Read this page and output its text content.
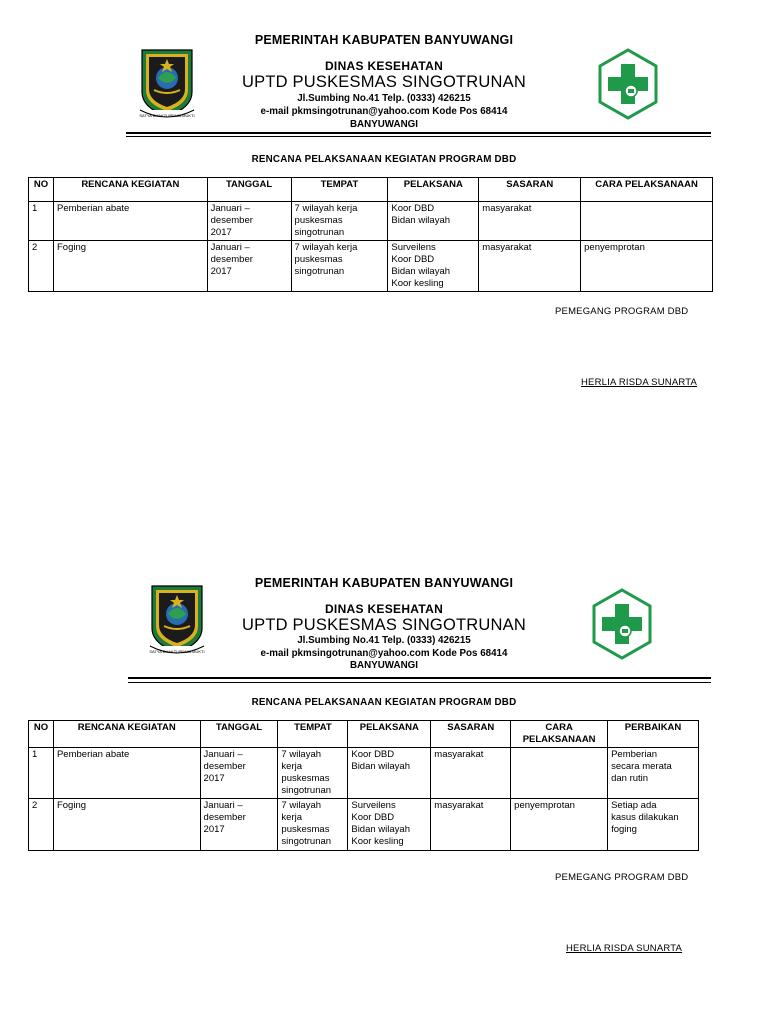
SATYA BHAKTI PRAJA MUKTI
PEMERINTAH KABUPATEN BANYUWANGI
DINAS KESEHATAN
UPTD PUSKESMAS SINGOTRUNAN
Jl.Sumbing No.41 Telp. (0333) 426215
e-mail pkmsingotrunan@yahoo.com Kode Pos 68414
BANYUWANGI
RENCANA PELAKSANAAN KEGIATAN PROGRAM DBD
NO	RENCANA KEGIATAN	TANGGAL	TEMPAT	PELAKSANA	SASARAN	CARA PELAKSANAAN
1	Pemberian abate	Januari –
desember
2017	7 wilayah kerja
puskesmas
singotrunan	Koor DBD
Bidan wilayah	masyarakat	
2	Foging	Januari –
desember
2017	7 wilayah kerja
puskesmas
singotrunan	Surveilens
Koor DBD
Bidan wilayah
Koor kesling	masyarakat	penyemprotan
PEMEGANG PROGRAM DBD
HERLIA RISDA SUNARTA
SATYA BHAKTI PRAJA MUKTI
PEMERINTAH KABUPATEN BANYUWANGI
DINAS KESEHATAN
UPTD PUSKESMAS SINGOTRUNAN
Jl.Sumbing No.41 Telp. (0333) 426215
e-mail pkmsingotrunan@yahoo.com Kode Pos 68414
BANYUWANGI
RENCANA PELAKSANAAN KEGIATAN PROGRAM DBD
NO	RENCANA KEGIATAN	TANGGAL	TEMPAT	PELAKSANA	SASARAN	CARA
PELAKSANAAN	PERBAIKAN
1	Pemberian abate	Januari –
desember
2017	7 wilayah
kerja
puskesmas
singotrunan	Koor DBD
Bidan wilayah	masyarakat		Pemberian
secara merata
dan rutin
2	Foging	Januari –
desember
2017	7 wilayah
kerja
puskesmas
singotrunan	Surveilens
Koor DBD
Bidan wilayah
Koor kesling	masyarakat	penyemprotan	Setiap ada
kasus dilakukan
foging
PEMEGANG PROGRAM DBD
HERLIA RISDA SUNARTA
